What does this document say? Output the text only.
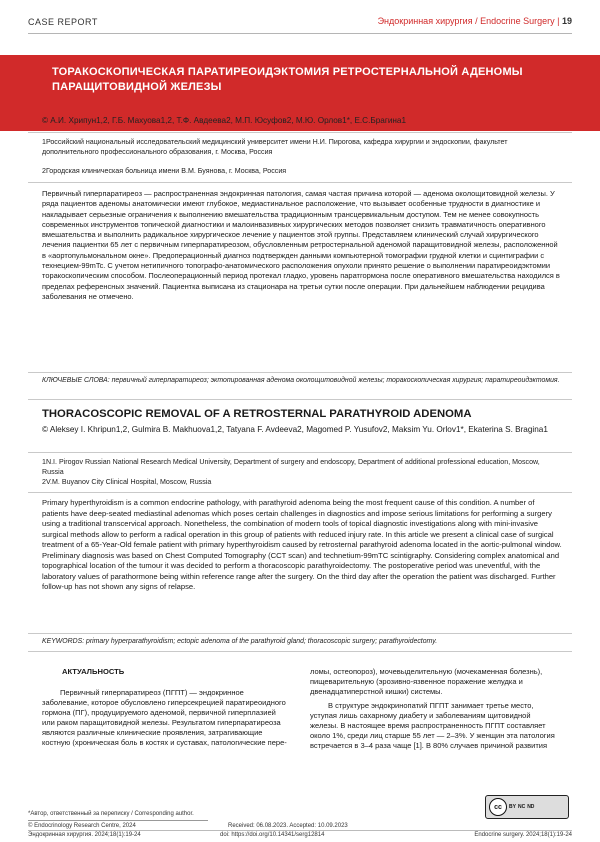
CASE REPORT	Эндокринная хирургия / Endocrine Surgery | 19
ТОРАКОСКОПИЧЕСКАЯ ПАРАТИРЕОИДЭКТОМИЯ РЕТРОСТЕРНАЛЬНОЙ АДЕНОМЫ ПАРАЩИТОВИДНОЙ ЖЕЛЕЗЫ
© А.И. Хрипун1,2, Г.Б. Махуова1,2, Т.Ф. Авдеева2, М.П. Юсуфов2, М.Ю. Орлов1*, Е.С.Брагина1
1Российский национальный исследовательский медицинский университет имени Н.И. Пирогова, кафедра хирургии и эндоскопии, факультет дополнительного профессионального образования, г. Москва, Россия
2Городская клиническая больница имени В.М. Буянова, г. Москва, Россия
Первичный гиперпаратиреоз — распространенная эндокринная патология, самая частая причина которой — аденома околощитовидной железы. У ряда пациентов аденомы анатомически имеют глубокое, медиастинальное расположение, что вызывает особенные трудности в диагностике и накладывает серьезные ограничения к выполнению вмешательства традиционным трансцервикальным доступом. Тем не менее совокупность современных инструментов топической диагностики и малоинвазивных хирургических методов позволяет снизить травматичность оперативного вмешательства и выполнить радикальное хирургическое лечение у пациентов этой группы. Представляем клинический случай хирургического лечения пациентки 65 лет с первичным гиперпаратиреозом, обусловленным ретростернальной аденомой паращитовидной железы, расположенной в «аортопульмональном окне». Предоперационный диагноз подтвержден данными компьютерной томографии грудной клетки и сцинтиграфии с технецием-99mTc. С учетом нетипичного топографо-анатомического расположения опухоли принято решение о выполнении паратиреоидэктомии торакоскопическим способом. Послеоперационный период протекал гладко, уровень паратгормона после оперативного вмешательства находился в пределах референсных значений. Пациентка выписана из стационара на третьи сутки после операции. При дальнейшем наблюдении рецидива заболевания не отмечено.
КЛЮЧЕВЫЕ СЛОВА: первичный гиперпаратиреоз; эктопированная аденома околощитовидной железы; торакоскопическая хирургия; паратиреоидэктомия.
THORACOSCOPIC REMOVAL OF A RETROSTERNAL PARATHYROID ADENOMA
© Aleksey I. Khripun1,2, Gulmira B. Makhuova1,2, Tatyana F. Avdeeva2, Magomed P. Yusufov2, Maksim Yu. Orlov1*, Ekaterina S. Bragina1
1N.I. Pirogov Russian National Research Medical University, Department of surgery and endoscopy, Department of additional professional education, Moscow, Russia
2V.M. Buyanov City Clinical Hospital, Moscow, Russia
Primary hyperthyroidism is a common endocrine pathology, with parathyroid adenoma being the most frequent cause of this condition. A number of patients have deep-seated mediastinal adenomas which poses certain challenges in diagnostics and impose serious limitations for performing a surgery using a traditional transcervical approach. Nonetheless, the combination of modern tools of topical diagnostic investigations along with mini-invasive surgical methods allow to perform a radical operation in this group of patients with reduced injury rate. In this article we present a clinical case of surgical treatment of a 65-Year-Old female patient with primary hyperthyroidism caused by retrosternal parathyroid adenoma located in the aortic-pulmonal window. Preliminary diagnosis was based on Chest Computed Tomography (CCT scan) and technetium-99mTC scintigraphy. Considering complex anatomical and topographical location of the tumour it was decided to perform a thoracoscopic parathyroidectomy. The postoperative period was uneventful, with the laboratory values of parathormone being within reference range after the surgery. On the third day after the operation the patient was discharged. Further follow-up has not shown any signs of relapse.
KEYWORDS: primary hyperparathyroidism; ectopic adenoma of the parathyroid gland; thoracoscopic surgery; parathyroidectomy.
АКТУАЛЬНОСТЬ

Первичный гиперпаратиреоз (ПГПТ) — эндокринное заболевание, которое обусловлено гиперсекрецией паратиреоидного гормона (ПГ), продуцируемого аденомой, первичной гиперплазией или раком паращитовидной железы. Результатом гиперпаратиреоза являются различные клинические проявления, затрагивающие костную (хроническая боль в костях и суставах, патологические пере-

ломы, остеопороз), мочевыделительную (мочекаменная болезнь), пищеварительную (эрозивно-язвенное поражение желудка и двенадцатиперстной кишки) системы.

В структуре эндокринопатий ПГПТ занимает третье место, уступая лишь сахарному диабету и заболеваниям щитовидной железы. В настоящее время распространенность ПГПТ составляет около 1%, среди лиц старше 55 лет — 2–3%. У женщин эта патология встречается в 3–4 раза чаще [1]. В 80% случаев причиной развития

cc	BY NC ND
*Автор, ответственный за переписку / Corresponding author.
© Endocrinology Research Centre, 2024	Received: 06.08.2023. Accepted: 10.09.2023
Эндокринная хирургия. 2024;18(1):19-24	doi: https://doi.org/10.14341/serg12814	Endocrine surgery. 2024;18(1):19-24
